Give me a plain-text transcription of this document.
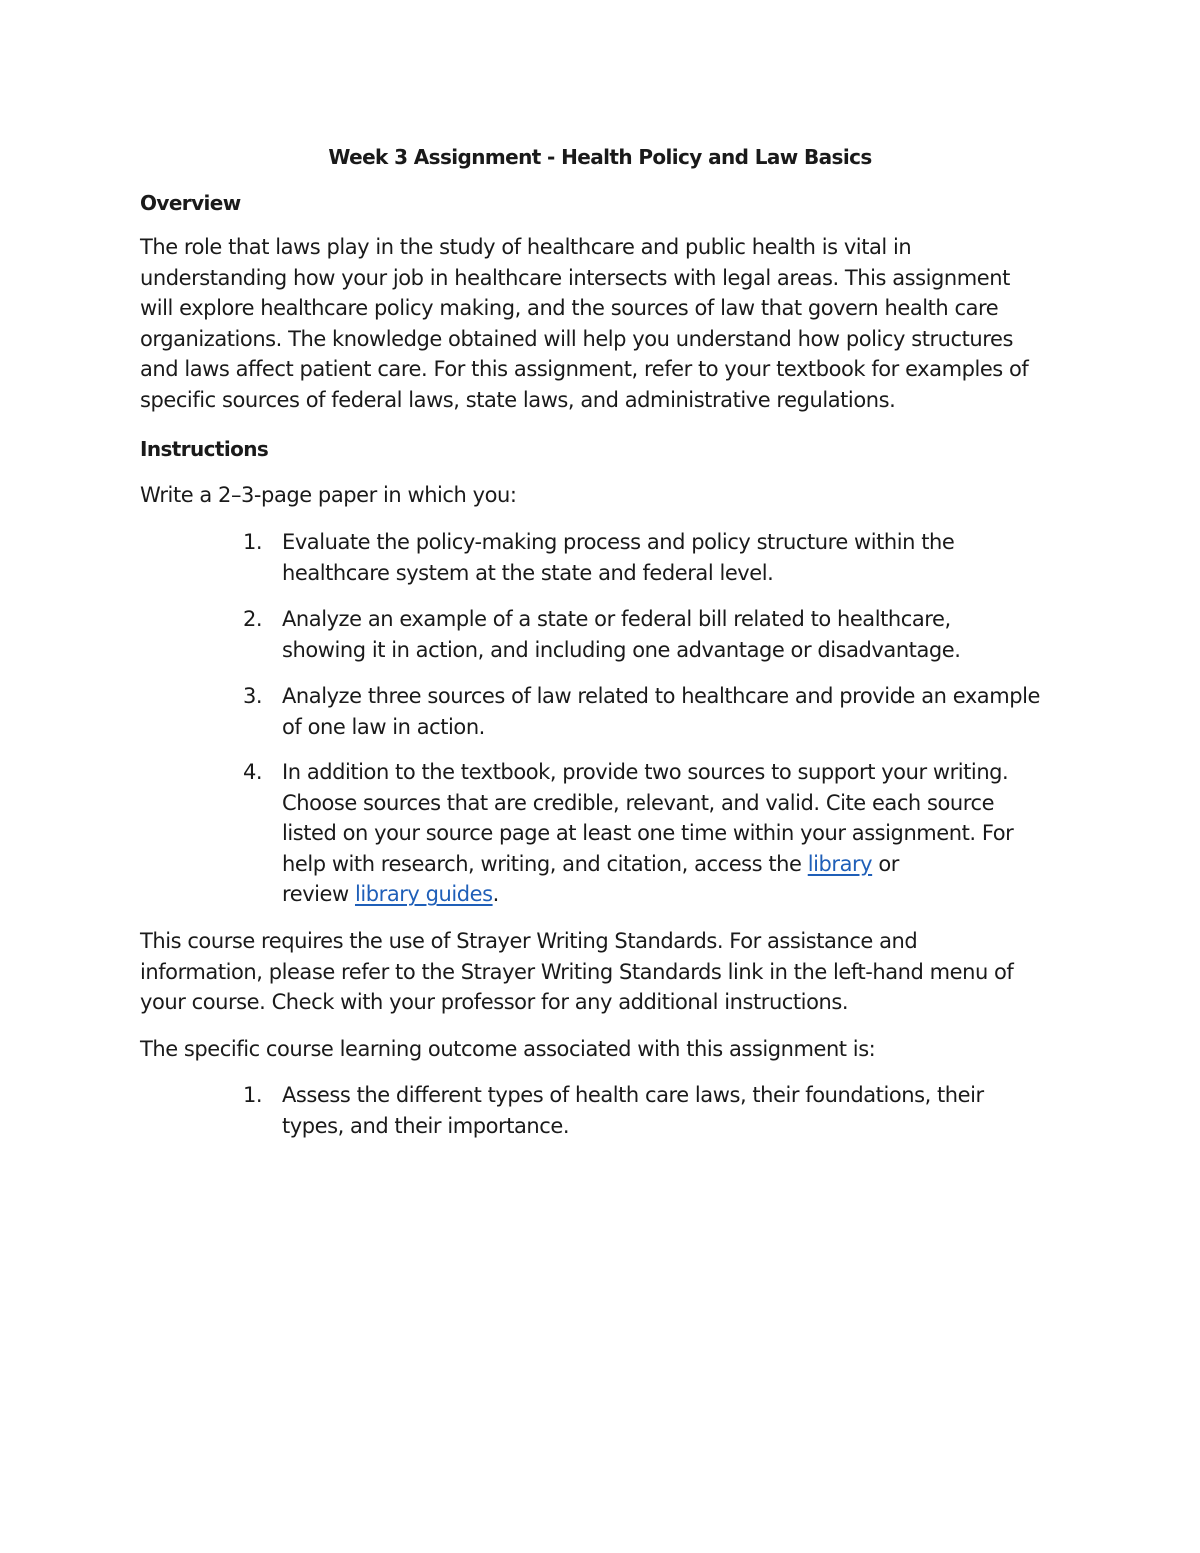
Week 3 Assignment - Health Policy and Law Basics
Overview
The role that laws play in the study of healthcare and public health is vital in
understanding how your job in healthcare intersects with legal areas. This assignment
will explore healthcare policy making, and the sources of law that govern health care
organizations. The knowledge obtained will help you understand how policy structures
and laws affect patient care. For this assignment, refer to your textbook for examples of
specific sources of federal laws, state laws, and administrative regulations.
Instructions
Write a 2–3-page paper in which you:
1. Evaluate the policy-making process and policy structure within the
healthcare system at the state and federal level.
2. Analyze an example of a state or federal bill related to healthcare,
showing it in action, and including one advantage or disadvantage.
3. Analyze three sources of law related to healthcare and provide an example
of one law in action.
4. In addition to the textbook, provide two sources to support your writing.
Choose sources that are credible, relevant, and valid. Cite each source
listed on your source page at least one time within your assignment. For
help with research, writing, and citation, access the library or
review library guides.
This course requires the use of Strayer Writing Standards. For assistance and
information, please refer to the Strayer Writing Standards link in the left-hand menu of
your course. Check with your professor for any additional instructions.
The specific course learning outcome associated with this assignment is:
1. Assess the different types of health care laws, their foundations, their
types, and their importance.
